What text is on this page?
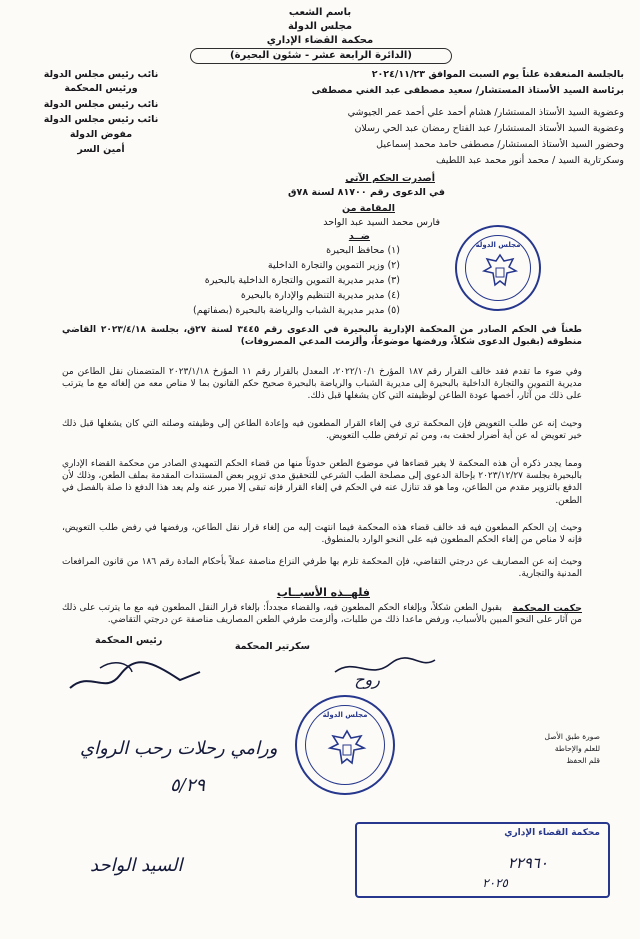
باسم الشعب
مجلس الدولة
محكمة القضاء الإداري
(الدائرة الرابعة عشر - شئون البحيرة)
بالجلسة المنعقدة علناً يوم السبت الموافق ٢٠٢٤/١١/٢٣
برئاسة السيد الأستاذ المستشار/ سعيد مصطفى عبد الغني مصطفى
نائب رئيس مجلس الدولة
ورئيس المحكمة
وعضوية السيد الأستاذ المستشار/ هشام أحمد علي أحمد عمر الجيوشي
نائب رئيس مجلس الدولة
وعضوية السيد الأستاذ المستشار/ عبد الفتاح رمضان عبد الحي رسلان
نائب رئيس مجلس الدولة
وحضور السيد الأستاذ المستشار/ مصطفى حامد محمد إسماعيل
مفوض الدولة
وسكرتارية السيد / محمد أنور محمد عبد اللطيف
أمين السر
أصدرت الحكم الآتي
في الدعوى رقم ٨١٧٠٠ لسنة ٧٨ق
المقامة من
فارس محمد السيد عبد الواحد
ضــد
(١) محافظ البحيرة
(٢) وزير التموين والتجارة الداخلية
(٣) مدير مديرية التموين والتجارة الداخلية بالبحيرة
(٤) مدير مديرية التنظيم والإدارة بالبحيرة
(٥) مدير مديرية الشباب والرياضة بالبحيرة (بصفاتهم)
مجلس الدولة
طعناً في الحكم الصادر من المحكمة الإدارية بالبحيرة في الدعوى رقم ٣٤٤٥ لسنة ٢٧ق، بجلسة ٢٠٢٣/٤/١٨ القاضي منطوقه (بقبول الدعوى شكلاً، ورفضها موضوعاً، وألزمت المدعي المصروفات)
وفي ضوء ما تقدم فقد خالف القرار رقم ١٨٧ المؤرخ ٢٠٢٢/١٠/١، المعدل بالقرار رقم ١١ المؤرخ ٢٠٢٣/١/١٨ المتضمنان نقل الطاعن من مديرية التموين والتجارة الداخلية بالبحيرة إلى مديرية الشباب والرياضة بالبحيرة صحيح حكم القانون بما لا مناص معه من إلغائه مع ما يترتب على ذلك من آثار، أخصها عودة الطاعن لوظيفته التي كان يشغلها قبل ذلك.
وحيث إنه عن طلب التعويض فإن المحكمة ترى في إلغاء القرار المطعون فيه وإعادة الطاعن إلى وظيفته وصلته التي كان يشغلها قبل ذلك خير تعويض له عن أية أضرار لحقت به، ومن ثم ترفض طلب التعويض.
ومما يجدر ذكره أن هذه المحكمة لا يغير قضاءها في موضوع الطعن حدوثاً منها من قضاء الحكم التمهيدي الصادر من محكمة القضاء الإداري بالبحيرة بجلسة ٢٠٢٣/١٢/٢٧ بإحالة الدعوى إلى مصلحة الطب الشرعي للتحقيق مدى تزوير بعض المستندات المقدمة بملف الطعن، وذلك لأن الدفع بالتزوير مقدم من الطاعن، وما هو قد تنازل عنه في الحكم في إلغاء القرار فإنه تبقى إلا مبرر عنه ولم يعد هذا الدفع ذا صلة بالفصل في الطعن.
وحيث إن الحكم المطعون فيه قد خالف قضاء هذه المحكمة فيما انتهت إليه من إلغاء قرار نقل الطاعن، ورفضها في رفض طلب التعويض، فإنه لا مناص من إلغاء الحكم المطعون فيه على النحو الوارد بالمنطوق.
وحيث إنه عن المصاريف عن درجتي التقاضي، فإن المحكمة تلزم بها طرفي النزاع مناصفة عملاً بأحكام المادة رقم ١٨٦ من قانون المرافعات المدنية والتجارية.
فلهــذه الأسبــاب
حكمت المحكمة
بقبول الطعن شكلاً، وبإلغاء الحكم المطعون فيه، والقضاء مجدداً: بإلغاء قرار النقل المطعون فيه مع ما يترتب على ذلك من آثار على النحو المبين بالأسباب، ورفض ماعدا ذلك من طلبات، وألزمت طرفي الطعن المصاريف مناصفة عن درجتي التقاضي.
سكرتير المحكمة
رئيس المحكمة
روح
مجلس الدولة
ورامي رحلات رحب الرواي
٥/٢٩
السيد الواحد
صورة طبق الأصل
للعلم والإحاطة
قلم الحفظ
محكمة القضاء الإداري
٢٢٩٦٠
٢٠٢٥
